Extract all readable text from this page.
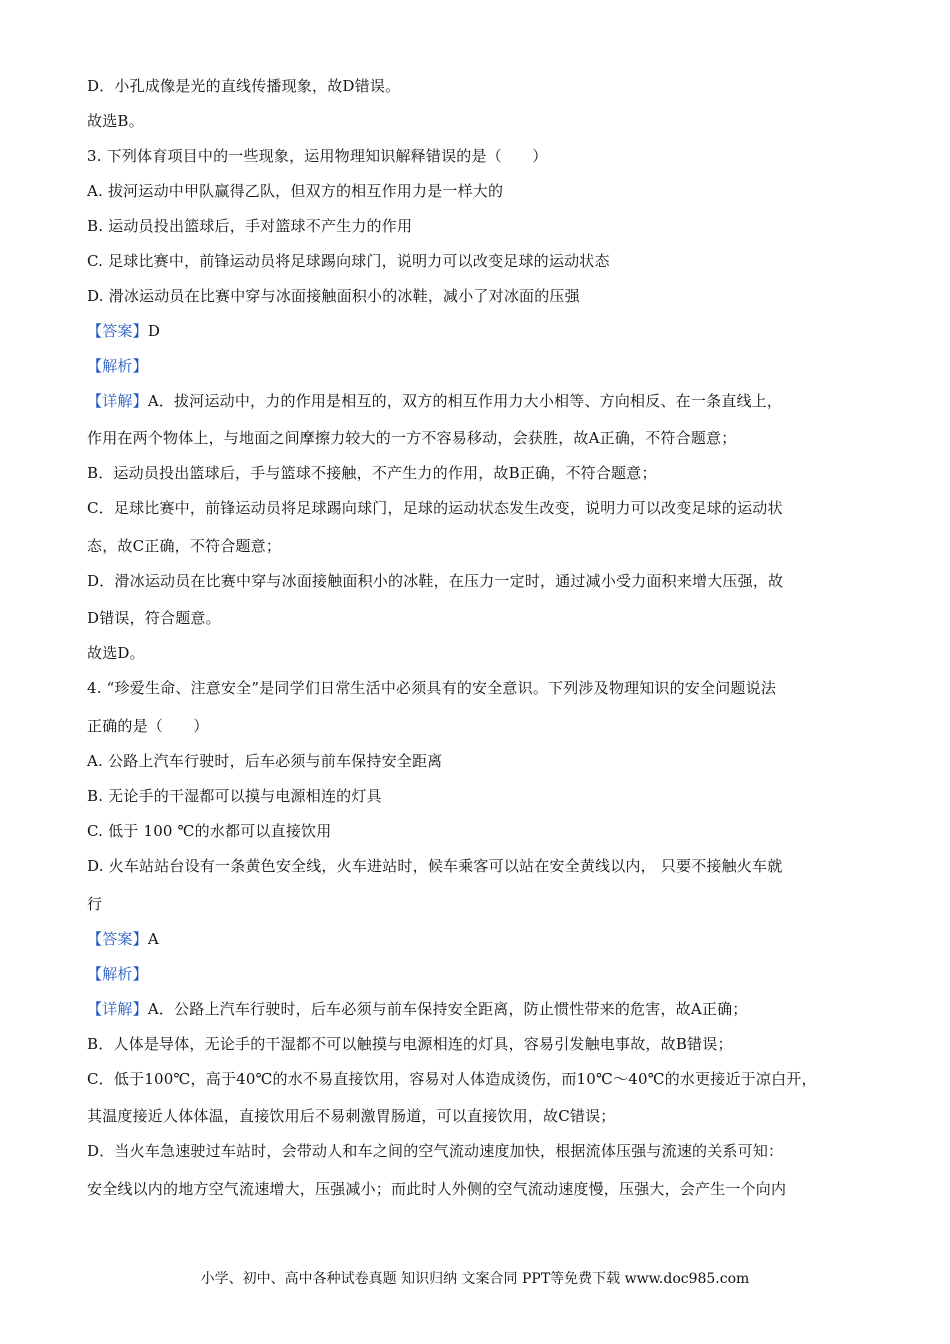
D．小孔成像是光的直线传播现象，故D错误。
故选B。
3. 下列体育项目中的一些现象，运用物理知识解释错误的是（　　）
A. 拔河运动中甲队赢得乙队，但双方的相互作用力是一样大的
B. 运动员投出篮球后，手对篮球不产生力的作用
C. 足球比赛中，前锋运动员将足球踢向球门，说明力可以改变足球的运动状态
D. 滑冰运动员在比赛中穿与冰面接触面积小的冰鞋，减小了对冰面的压强
【答案】D
【解析】
【详解】A．拔河运动中，力的作用是相互的，双方的相互作用力大小相等、方向相反、在一条直线上，
作用在两个物体上，与地面之间摩擦力较大的一方不容易移动，会获胜，故A正确，不符合题意；
B．运动员投出篮球后，手与篮球不接触，不产生力的作用，故B正确，不符合题意；
C．足球比赛中，前锋运动员将足球踢向球门，足球的运动状态发生改变，说明力可以改变足球的运动状
态，故C正确，不符合题意；
D．滑冰运动员在比赛中穿与冰面接触面积小的冰鞋，在压力一定时，通过减小受力面积来增大压强，故
D错误，符合题意。
故选D。
4. “珍爱生命、注意安全”是同学们日常生活中必须具有的安全意识。下列涉及物理知识的安全问题说法
正确的是（　　）
A. 公路上汽车行驶时，后车必须与前车保持安全距离
B. 无论手的干湿都可以摸与电源相连的灯具
C. 低于 100 ℃的水都可以直接饮用
D. 火车站站台设有一条黄色安全线，火车进站时，候车乘客可以站在安全黄线以内， 只要不接触火车就
行
【答案】A
【解析】
【详解】A．公路上汽车行驶时，后车必须与前车保持安全距离，防止惯性带来的危害，故A正确；
B．人体是导体，无论手的干湿都不可以触摸与电源相连的灯具，容易引发触电事故，故B错误；
C．低于100℃，高于40℃的水不易直接饮用，容易对人体造成烫伤，而10℃～40℃的水更接近于凉白开，
其温度接近人体体温，直接饮用后不易刺激胃肠道，可以直接饮用，故C错误；
D．当火车急速驶过车站时，会带动人和车之间的空气流动速度加快，根据流体压强与流速的关系可知：
安全线以内的地方空气流速增大，压强减小；而此时人外侧的空气流动速度慢，压强大，会产生一个向内
小学、初中、高中各种试卷真题 知识归纳 文案合同 PPT等免费下载 www.doc985.com
